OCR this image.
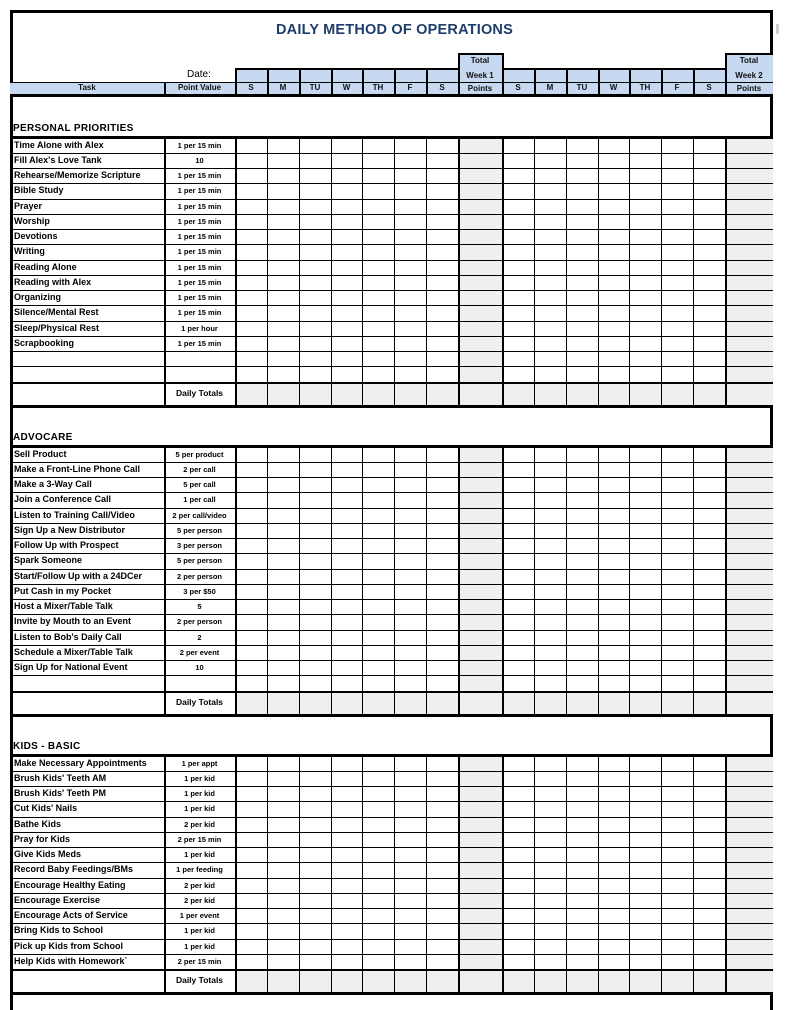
DAILY METHOD OF OPERATIONS
Date:
Task	Point Value	S	M	TU	W	TH	F	S	S	M	TU	W	TH	F	S
Total	Total
Week 1	Week 2
Points	Points
PERSONAL PRIORITIES
Time Alone with Alex	1 per 15 min
Fill Alex's Love Tank	10
Rehearse/Memorize Scripture	1 per 15 min
Bible Study	1 per 15 min
Prayer	1 per 15 min
Worship	1 per 15 min
Devotions	1 per 15 min
Writing	1 per 15 min
Reading Alone	1 per 15 min
Reading with Alex	1 per 15 min
Organizing	1 per 15 min
Silence/Mental Rest	1 per 15 min
Sleep/Physical Rest	1 per hour
Scrapbooking	1 per 15 min
Daily Totals
ADVOCARE
Sell Product	5 per product
Make a Front-Line Phone Call	2 per call
Make a 3-Way Call	5 per call
Join a Conference Call	1 per call
Listen to Training Call/Video	2 per call/video
Sign Up a New Distributor	5 per person
Follow Up with Prospect	3 per person
Spark Someone	5 per person
Start/Follow Up with a 24DCer	2 per person
Put Cash in my Pocket	3 per $50
Host a Mixer/Table Talk	5
Invite by Mouth to an Event	2 per person
Listen to Bob's Daily Call	2
Schedule a Mixer/Table Talk	2 per event
Sign Up for National Event	10
Daily Totals
KIDS - BASIC
Make Necessary Appointments	1 per appt
Brush Kids' Teeth AM	1 per kid
Brush Kids' Teeth PM	1 per kid
Cut Kids' Nails	1 per kid
Bathe Kids	2 per kid
Pray for Kids	2 per 15 min
Give Kids Meds	1 per kid
Record Baby Feedings/BMs	1 per feeding
Encourage Healthy Eating	2 per kid
Encourage Exercise	2 per kid
Encourage Acts of Service	1 per event
Bring Kids to School	1 per kid
Pick up Kids from School	1 per kid
Help Kids with Homework`	2 per 15 min
Daily Totals
